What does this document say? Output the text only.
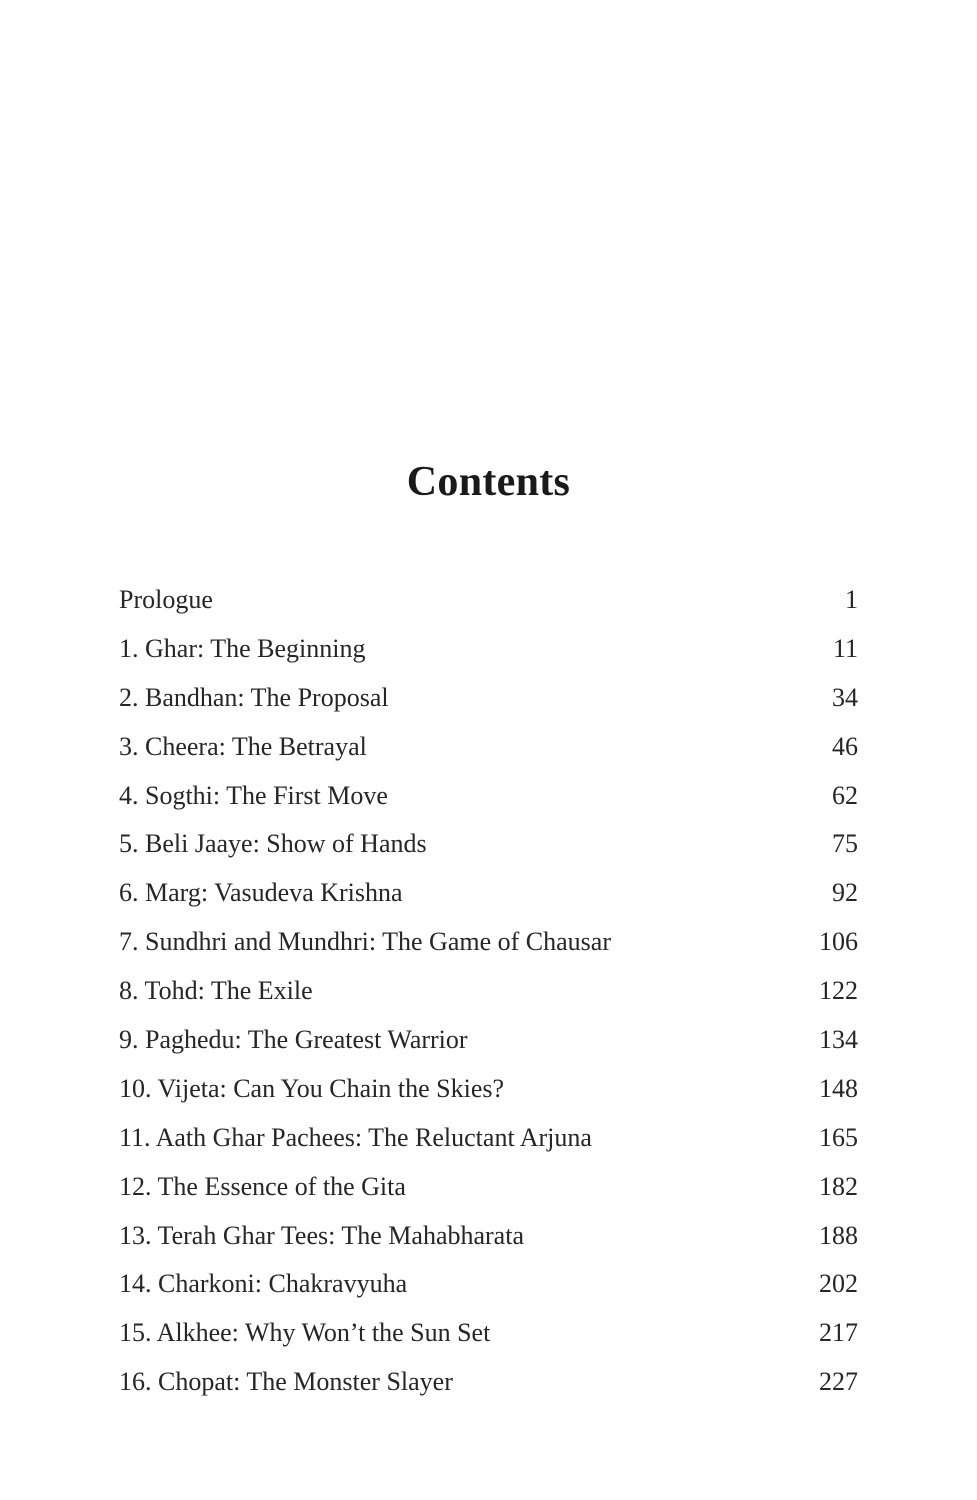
Contents
Prologue	1
1. Ghar: The Beginning	11
2. Bandhan: The Proposal	34
3. Cheera: The Betrayal	46
4. Sogthi: The First Move	62
5. Beli Jaaye: Show of Hands	75
6. Marg: Vasudeva Krishna	92
7. Sundhri and Mundhri: The Game of Chausar	106
8. Tohd: The Exile	122
9. Paghedu: The Greatest Warrior	134
10. Vijeta: Can You Chain the Skies?	148
11. Aath Ghar Pachees: The Reluctant Arjuna	165
12. The Essence of the Gita	182
13. Terah Ghar Tees: The Mahabharata	188
14. Charkoni: Chakravyuha	202
15. Alkhee: Why Won’t the Sun Set	217
16. Chopat: The Monster Slayer	227
